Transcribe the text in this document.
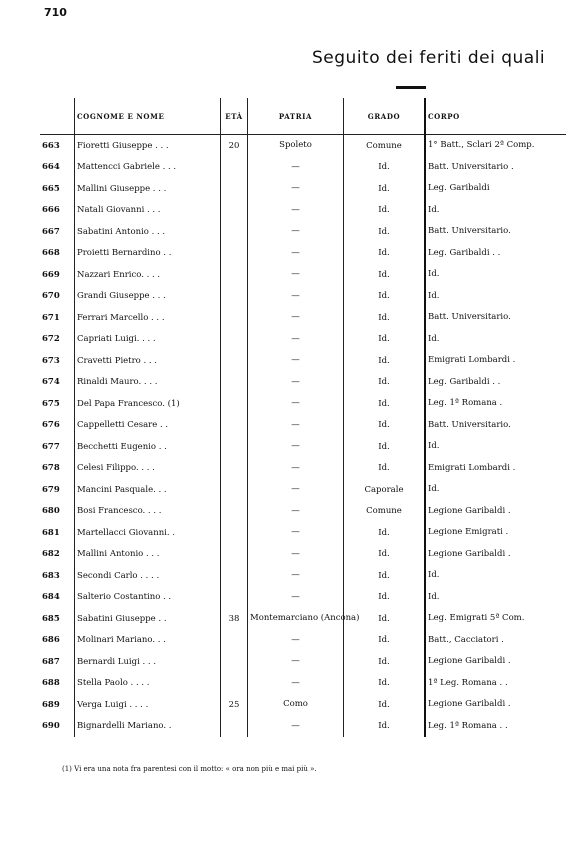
710
Seguito dei feriti dei quali
	COGNOME E NOME	ETÀ	PATRIA	GRADO	CORPO
663	Fioretti Giuseppe . . .	20	Spoleto	Comune	1° Batt., Sclari 2ª Comp.
664	Mattencci Gabriele . . .		—	Id.	Batt. Universitario .
665	Mallini Giuseppe . . .		—	Id.	Leg. Garibaldi
666	Natali Giovanni . . .		—	Id.	Id.
667	Sabatini Antonio . . .		—	Id.	Batt. Universitario.
668	Proietti Bernardino . .		—	Id.	Leg. Garibaldi . .
669	Nazzari Enrico. . . .		—	Id.	Id.
670	Grandi Giuseppe . . .		—	Id.	Id.
671	Ferrari Marcello . . .		—	Id.	Batt. Universitario.
672	Capriati Luigi. . . .		—	Id.	Id.
673	Cravetti Pietro . . .		—	Id.	Emigrati Lombardi .
674	Rinaldi Mauro. . . .		—	Id.	Leg. Garibaldi . .
675	Del Papa Francesco. (1)		—	Id.	Leg. 1ª Romana .
676	Cappelletti Cesare . .		—	Id.	Batt. Universitario.
677	Becchetti Eugenio . .		—	Id.	Id.
678	Celesi Filippo. . . .		—	Id.	Emigrati Lombardi .
679	Mancini Pasquale. . .		—	Caporale	Id.
680	Bosi Francesco. . . .		—	Comune	Legione Garibaldi .
681	Martellacci Giovanni. .		—	Id.	Legione Emigrati .
682	Mallini Antonio . . .		—	Id.	Legione Garibaldi .
683	Secondi Carlo . . . .		—	Id.	Id.
684	Salterio Costantino . .		—	Id.	Id.
685	Sabatini Giuseppe . .	38	Montemarciano (Ancona)	Id.	Leg. Emigrati 5ª Com.
686	Molinari Mariano. . .		—	Id.	Batt., Cacciatori .
687	Bernardi Luigi . . .		—	Id.	Legione Garibaldi .
688	Stella Paolo . . . .		—	Id.	1ª Leg. Romana . .
689	Verga Luigi . . . .	25	Como	Id.	Legione Garibaldi .
690	Bignardelli Mariano. .		—	Id.	Leg. 1ª Romana . .
(1) Vi era una nota fra parentesi con il motto: « ora non più e mai più ».
